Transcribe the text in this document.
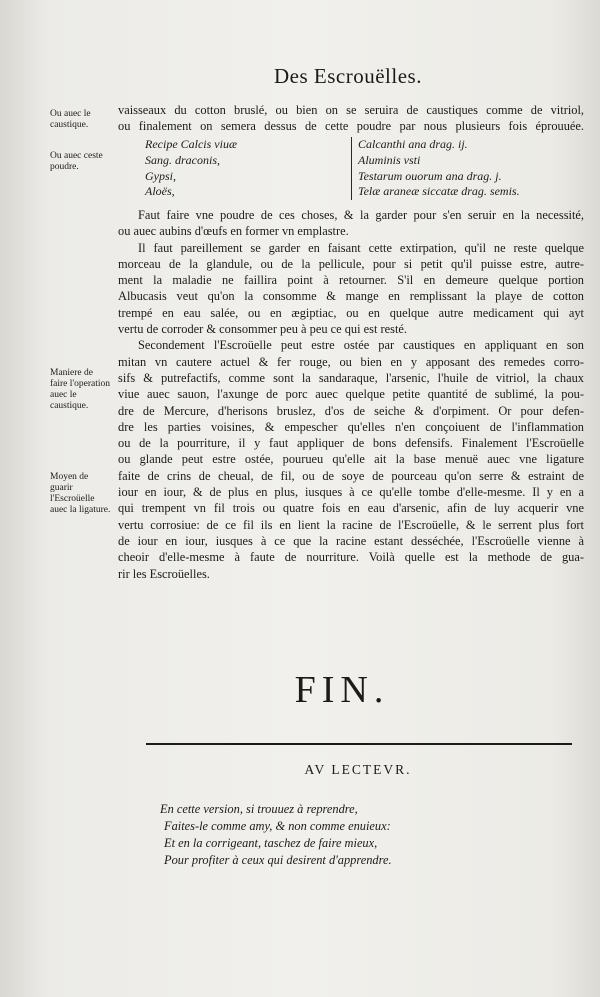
Des Escrouëlles.
Ou auec le caustique.
Ou auec ceste poudre.
Maniere de faire l'operation auec le caustique.
Moyen de guarir l'Escroüelle auec la ligature.
vaisseaux du cotton bruslé, ou bien on se seruira de caustiques comme de vitriol,
ou finalement on semera dessus de cette poudre par nous plusieurs fois éprouuée.
Recipe Calcis viuæ
Sang. draconis,
Gypsi,
Aloës,
Calcanthi ana drag. ij.
Aluminis vsti
Testarum ouorum ana drag. j.
Telæ araneæ siccatæ drag. semis.
Faut faire vne poudre de ces choses, & la garder pour s'en seruir en la necessité,
ou auec aubins d'œufs en former vn emplastre.
Il faut pareillement se garder en faisant cette extirpation, qu'il ne reste quelque
morceau de la glandule, ou de la pellicule, pour si petit qu'il puisse estre, autre-
ment la maladie ne faillira point à retourner. S'il en demeure quelque portion
Albucasis veut qu'on la consomme & mange en remplissant la playe de cotton
trempé en eau salée, ou en ægiptiac, ou en quelque autre medicament qui ayt
vertu de corroder & consommer peu à peu ce qui est resté.
Secondement l'Escroüelle peut estre ostée par caustiques en appliquant en son
mitan vn cautere actuel & fer rouge, ou bien en y apposant des remedes corro-
sifs & putrefactifs, comme sont la sandaraque, l'arsenic, l'huile de vitriol, la chaux
viue auec sauon, l'axunge de porc auec quelque petite quantité de sublimé, la pou-
dre de Mercure, d'herisons bruslez, d'os de seiche & d'orpiment. Or pour defen-
dre les parties voisines, & empescher qu'elles n'en conçoiuent de l'inflammation
ou de la pourriture, il y faut appliquer de bons defensifs. Finalement l'Escroüelle
ou glande peut estre ostée, pourueu qu'elle ait la base menuë auec vne ligature
faite de crins de cheual, de fil, ou de soye de pourceau qu'on serre & estraint de
iour en iour, & de plus en plus, iusques à ce qu'elle tombe d'elle-mesme. Il y en a
qui trempent vn fil trois ou quatre fois en eau d'arsenic, afin de luy acquerir vne
vertu corrosiue: de ce fil ils en lient la racine de l'Escroüelle, & le serrent plus fort
de iour en iour, iusques à ce que la racine estant desséchée, l'Escroüelle vienne à
cheoir d'elle-mesme à faute de nourriture. Voilà quelle est la methode de gua-
rir les Escroüelles.
FIN.
AV LECTEVR.
En cette version, si trouuez à reprendre,
Faites-le comme amy, & non comme enuieux:
Et en la corrigeant, taschez de faire mieux,
Pour profiter à ceux qui desirent d'apprendre.
